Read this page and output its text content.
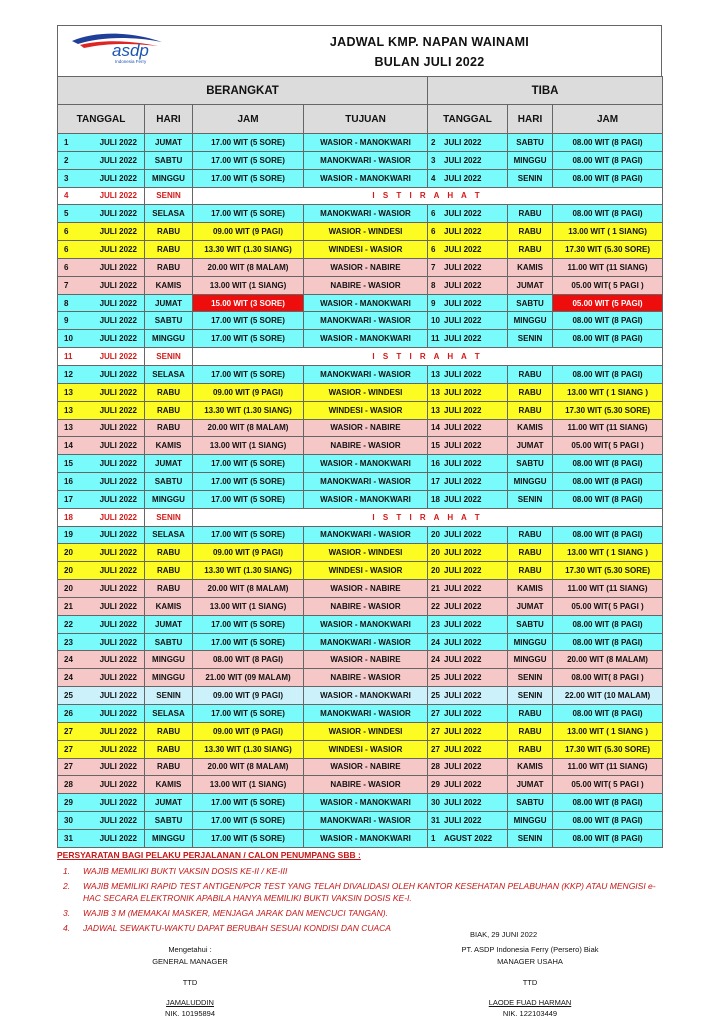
asdp
Indonesia Ferry
JADWAL KMP. NAPAN WAINAMI
BULAN JULI 2022
BERANGKAT					TIBA		
TANGGAL		HARI	JAM	TUJUAN	TANGGAL	HARI	JAM
1	JULI 2022	JUMAT	17.00 WIT (5 SORE)	WASIOR - MANOKWARI	2 JULI 2022	SABTU	08.00 WIT (8 PAGI)
2	JULI 2022	SABTU	17.00 WIT (5 SORE)	MANOKWARI - WASIOR	3 JULI 2022	MINGGU	08.00 WIT (8 PAGI)
3	JULI 2022	MINGGU	17.00 WIT (5 SORE)	WASIOR - MANOKWARI	4 JULI 2022	SENIN	08.00 WIT (8 PAGI)
4	JULI 2022	SENIN	I S T I R A H A T				
5	JULI 2022	SELASA	17.00 WIT (5 SORE)	MANOKWARI - WASIOR	6 JULI 2022	RABU	08.00 WIT (8 PAGI)
6	JULI 2022	RABU	09.00 WIT (9 PAGI)	WASIOR - WINDESI	6 JULI 2022	RABU	13.00 WIT ( 1 SIANG)
6	JULI 2022	RABU	13.30 WIT (1.30 SIANG)	WINDESI - WASIOR	6 JULI 2022	RABU	17.30 WIT (5.30 SORE)
6	JULI 2022	RABU	20.00 WIT (8 MALAM)	WASIOR - NABIRE	7 JULI 2022	KAMIS	11.00 WIT (11 SIANG)
7	JULI 2022	KAMIS	13.00 WIT (1 SIANG)	NABIRE - WASIOR	8 JULI 2022	JUMAT	05.00 WIT( 5 PAGI )
8	JULI 2022	JUMAT	15.00 WIT (3 SORE)	WASIOR - MANOKWARI	9 JULI 2022	SABTU	05.00 WIT (5 PAGI)
9	JULI 2022	SABTU	17.00 WIT (5 SORE)	MANOKWARI - WASIOR	10 JULI 2022	MINGGU	08.00 WIT (8 PAGI)
10	JULI 2022	MINGGU	17.00 WIT (5 SORE)	WASIOR - MANOKWARI	11 JULI 2022	SENIN	08.00 WIT (8 PAGI)
11	JULI 2022	SENIN	I S T I R A H A T				
12	JULI 2022	SELASA	17.00 WIT (5 SORE)	MANOKWARI - WASIOR	13 JULI 2022	RABU	08.00 WIT (8 PAGI)
13	JULI 2022	RABU	09.00 WIT (9 PAGI)	WASIOR - WINDESI	13 JULI 2022	RABU	13.00 WIT ( 1 SIANG )
13	JULI 2022	RABU	13.30 WIT (1.30 SIANG)	WINDESI - WASIOR	13 JULI 2022	RABU	17.30 WIT (5.30 SORE)
13	JULI 2022	RABU	20.00 WIT (8 MALAM)	WASIOR - NABIRE	14 JULI 2022	KAMIS	11.00 WIT (11 SIANG)
14	JULI 2022	KAMIS	13.00 WIT (1 SIANG)	NABIRE - WASIOR	15 JULI 2022	JUMAT	05.00 WIT( 5 PAGI )
15	JULI 2022	JUMAT	17.00 WIT (5 SORE)	WASIOR - MANOKWARI	16 JULI 2022	SABTU	08.00 WIT (8 PAGI)
16	JULI 2022	SABTU	17.00 WIT (5 SORE)	MANOKWARI - WASIOR	17 JULI 2022	MINGGU	08.00 WIT (8 PAGI)
17	JULI 2022	MINGGU	17.00 WIT (5 SORE)	WASIOR - MANOKWARI	18 JULI 2022	SENIN	08.00 WIT (8 PAGI)
18	JULI 2022	SENIN	I S T I R A H A T				
19	JULI 2022	SELASA	17.00 WIT (5 SORE)	MANOKWARI - WASIOR	20 JULI 2022	RABU	08.00 WIT (8 PAGI)
20	JULI 2022	RABU	09.00 WIT (9 PAGI)	WASIOR - WINDESI	20 JULI 2022	RABU	13.00 WIT ( 1 SIANG )
20	JULI 2022	RABU	13.30 WIT (1.30 SIANG)	WINDESI - WASIOR	20 JULI 2022	RABU	17.30 WIT (5.30 SORE)
20	JULI 2022	RABU	20.00 WIT (8 MALAM)	WASIOR - NABIRE	21 JULI 2022	KAMIS	11.00 WIT (11 SIANG)
21	JULI 2022	KAMIS	13.00 WIT (1 SIANG)	NABIRE - WASIOR	22 JULI 2022	JUMAT	05.00 WIT( 5 PAGI )
22	JULI 2022	JUMAT	17.00 WIT (5 SORE)	WASIOR - MANOKWARI	23 JULI 2022	SABTU	08.00 WIT (8 PAGI)
23	JULI 2022	SABTU	17.00 WIT (5 SORE)	MANOKWARI - WASIOR	24 JULI 2022	MINGGU	08.00 WIT (8 PAGI)
24	JULI 2022	MINGGU	08.00 WIT (8 PAGI)	WASIOR - NABIRE	24 JULI 2022	MINGGU	20.00 WIT (8 MALAM)
24	JULI 2022	MINGGU	21.00 WIT (09 MALAM)	NABIRE - WASIOR	25 JULI 2022	SENIN	08.00 WIT( 8 PAGI )
25	JULI 2022	SENIN	09.00 WIT (9 PAGI)	WASIOR - MANOKWARI	25 JULI 2022	SENIN	22.00 WIT (10 MALAM)
26	JULI 2022	SELASA	17.00 WIT (5 SORE)	MANOKWARI - WASIOR	27 JULI 2022	RABU	08.00 WIT (8 PAGI)
27	JULI 2022	RABU	09.00 WIT (9 PAGI)	WASIOR - WINDESI	27 JULI 2022	RABU	13.00 WIT ( 1 SIANG )
27	JULI 2022	RABU	13.30 WIT (1.30 SIANG)	WINDESI - WASIOR	27 JULI 2022	RABU	17.30 WIT (5.30 SORE)
27	JULI 2022	RABU	20.00 WIT (8 MALAM)	WASIOR - NABIRE	28 JULI 2022	KAMIS	11.00 WIT (11 SIANG)
28	JULI 2022	KAMIS	13.00 WIT (1 SIANG)	NABIRE - WASIOR	29 JULI 2022	JUMAT	05.00 WIT( 5 PAGI )
29	JULI 2022	JUMAT	17.00 WIT (5 SORE)	WASIOR - MANOKWARI	30 JULI 2022	SABTU	08.00 WIT (8 PAGI)
30	JULI 2022	SABTU	17.00 WIT (5 SORE)	MANOKWARI - WASIOR	31 JULI 2022	MINGGU	08.00 WIT (8 PAGI)
31	JULI 2022	MINGGU	17.00 WIT (5 SORE)	WASIOR - MANOKWARI	1 AGUST 2022	SENIN	08.00 WIT (8 PAGI)
PERSYARATAN BAGI PELAKU PERJALANAN / CALON PENUMPANG SBB :
1.	WAJIB MEMILIKI BUKTI VAKSIN DOSIS KE-II / KE-III
2.	WAJIB MEMILIKI RAPID TEST ANTIGEN/PCR TEST YANG TELAH DIVALIDASI OLEH KANTOR KESEHATAN PELABUHAN (KKP) ATAU MENGISI e-HAC SECARA ELEKTRONIK APABILA HANYA MEMILIKI BUKTI VAKSIN DOSIS KE-I.
3.	WAJIB 3 M (MEMAKAI MASKER, MENJAGA JARAK DAN MENCUCI TANGAN).
4.	JADWAL SEWAKTU-WAKTU DAPAT BERUBAH SESUAI KONDISI DAN CUACA
BIAK, 29 JUNI 2022
Mengetahui :
GENERAL MANAGER
TTD
JAMALUDDIN
NIK. 10195894
PT. ASDP Indonesia Ferry (Persero) Biak
MANAGER USAHA
TTD
LAODE FUAD HARMAN
NIK. 122103449
